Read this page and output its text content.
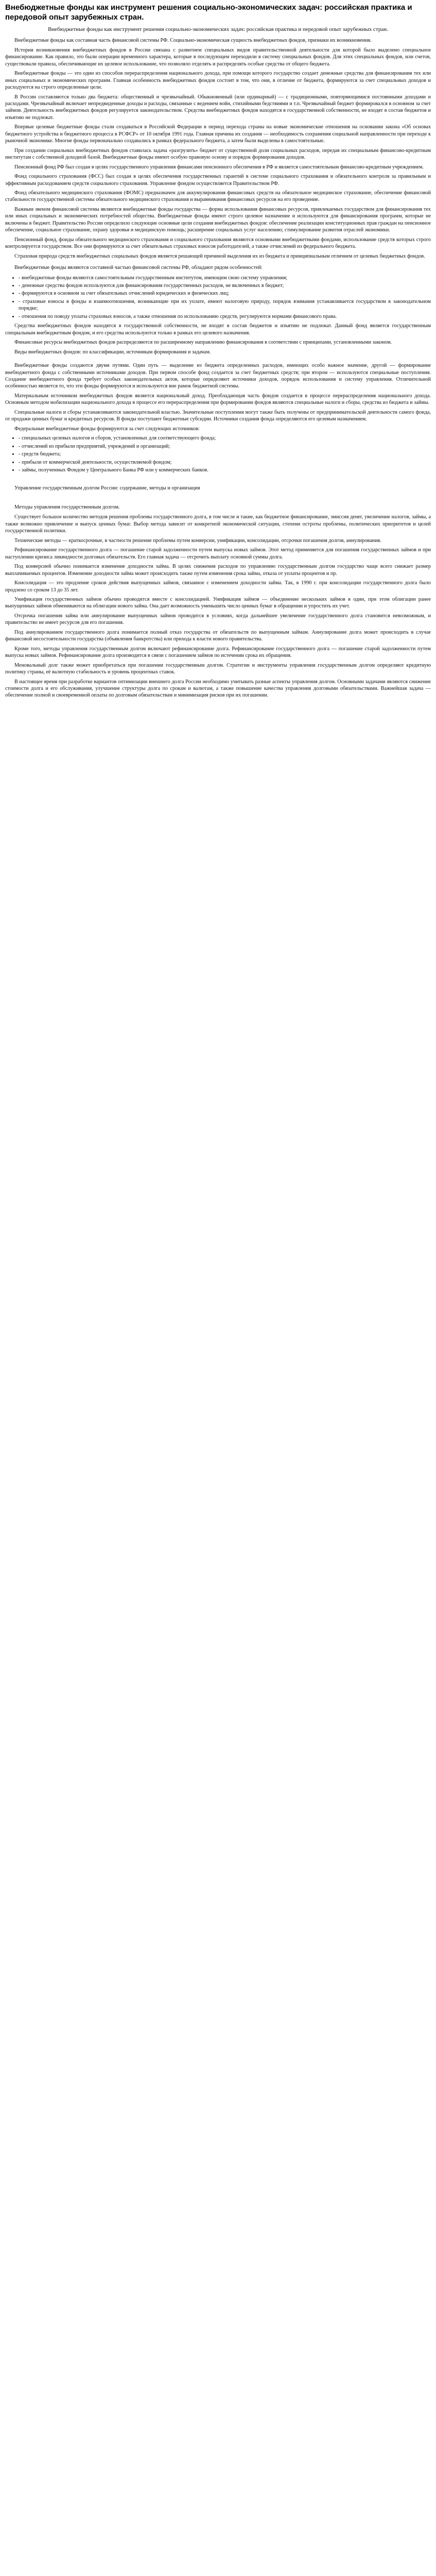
Внебюджетные фонды как инструмент решения социально-экономических задач: российская практика и передовой опыт зарубежных стран.
Внебюджетные фонды как инструмент решения социально-экономических задач: российская практика и передовой опыт зарубежных стран.

Внебюджетные фонды как составная часть финансовой системы РФ. Социально-экономическая сущность внебюджетных фондов, признаки их возникновения.

История возникновения внебюджетных фондов в России связана с развитием специальных видов правительственной деятельности для которой было выделено специальное финансирование. Как правило, это были операции временного характера, которые в последующем переходили в систему специальных фондов. Для этих специальных фондов, или счетов, существовали правила, обеспечивающие их целевое использование, что позволяло отделять и распределять особые средства от общего бюджета.

Внебюджетные фонды — это один из способов перераспределения национального дохода, при помощи которого государство создает денежные средства для финансирования тех или иных социальных и экономических программ. Главная особенность внебюджетных фондов состоит в том, что они, в отличие от бюджета, формируются за счет специальных доходов и расходуются на строго определенные цели.

В России составляются только два бюджета: общественный и чрезвычайный. Обыкновенный (или ординарный) — с традиционными, повторяющимися постоянными доходами и расходами. Чрезвычайный включает непредвиденные доходы и расходы, связанные с ведением войн, стихийными бедствиями и т.п. Чрезвычайный бюджет формировался в основном за счет займов. Деятельность внебюджетных фондов регулируется законодательством. Средства внебюджетных фондов находятся в государственной собственности, не входят в состав бюджетов и изъятию не подлежат.

Впервые целевые бюджетные фонды стали создаваться в Российской Федерации в период перехода страны на новые экономические отношения на основании закона «Об основах бюджетного устройства и бюджетного процесса в РСФСР» от 10 октября 1991 года. Главная причина их создания — необходимость сохранения социальной направленности при переходе к рыночной экономике. Многие фонды первоначально создавались в рамках федерального бюджета, а затем были выделены в самостоятельные.

При создании социальных внебюджетных фондов ставилась задача «разгрузить» бюджет от существенной доли социальных расходов, передав их специальным финансово-кредитным институтам с собственной доходной базой. Внебюджетные фонды имеют особую правовую основу и порядок формирования доходов.

Пенсионный фонд РФ был создан в целях государственного управления финансами пенсионного обеспечения в РФ и является самостоятельным финансово-кредитным учреждением.

Фонд социального страхования (ФСС) был создан в целях обеспечения государственных гарантий в системе социального страхования и обязательного контроля за правильным и эффективным расходованием средств социального страхования. Управление фондом осуществляется Правительством РФ.

Фонд обязательного медицинского страхования (ФОМС) предназначен для аккумулирования финансовых средств на обязательное медицинское страхование, обеспечение финансовой стабильности государственной системы обязательного медицинского страхования и выравнивания финансовых ресурсов на его проведение.

Важным звеном финансовой системы являются внебюджетные фонды государства — форма использования финансовых ресурсов, привлекаемых государством для финансирования тех или иных социальных и экономических потребностей общества. Внебюджетные фонды имеют строго целевое назначение и используются для финансирования программ, которые не включены в бюджет. Правительство России определило следующие основные цели создания внебюджетных фондов: обеспечение реализации конституционных прав граждан на пенсионное обеспечение, социальное страхование, охрану здоровья и медицинскую помощь; расширение социальных услуг населению; стимулирование развития отраслей экономики.

Пенсионный фонд, фонды обязательного медицинского страхования и социального страхования являются основными внебюджетными фондами, использование средств которых строго контролируется государством. Все они формируются за счет обязательных страховых взносов работодателей, а также отчислений из федерального бюджета.

Страховая природа средств внебюджетных социальных фондов является решающей причиной выделения их из бюджета и принципиальным отличием от целевых бюджетных фондов.

Внебюджетные фонды являются составной частью финансовой системы РФ, обладают рядом особенностей:

• - внебюджетные фонды являются самостоятельным государственным институтом, имеющим свою систему управления;
• - денежные средства фондов используются для финансирования государственных расходов, не включенных в бюджет;
• - формируются в основном за счет обязательных отчислений юридических и физических лиц;
• - страховые взносы в фонды и взаимоотношения, возникающие при их уплате, имеют налоговую природу, порядок взимания устанавливается государством в законодательном порядке;
• - отношения по поводу уплаты страховых взносов, а также отношения по использованию средств, регулируются нормами финансового права.

Средства внебюджетных фондов находятся в государственной собственности, не входят в состав бюджетов и изъятию не подлежат. Данный фонд является государственным специальным внебюджетным фондом, и его средства используются только в рамках его целевого назначения.

Финансовые ресурсы внебюджетных фондов распределяются по расширенному направлению финансирования в соответствии с принципами, установленными законом.

Виды внебюджетных фондов: по классификации, источникам формирования и задачам.

Внебюджетные фонды создаются двумя путями. Один путь — выделение из бюджета определенных расходов, имеющих особо важное значение, другой — формирование внебюджетного фонда с собственными источниками доходов. При первом способе фонд создается за счет бюджетных средств; при втором — используются специальные поступления. Создание внебюджетного фонда требует особых законодательных актов, которые определяют источники доходов, порядок использования и систему управления. Отличительной особенностью является то, что эти фонды формируются и используются вне рамок бюджетной системы.

Материальным источником внебюджетных фондов является национальный доход. Преобладающая часть фондов создается в процессе перераспределения национального дохода. Основным методом мобилизации национального дохода в процессе его перераспределения при формировании фондов являются специальные налоги и сборы, средства из бюджета и займы.

Специальные налоги и сборы устанавливаются законодательной властью. Значительные поступления могут также быть получены от предпринимательской деятельности самого фонда, от продажи ценных бумаг и кредитных ресурсов. В фонды поступают бюджетные субсидии. Источники создания фонда определяются его целевым назначением.

Федеральные внебюджетные фонды формируются за счет следующих источников:

• - специальных целевых налогов и сборов, установленных для соответствующего фонда;
• - отчислений из прибыли предприятий, учреждений и организаций;
• - средств бюджета;
• - прибыли от коммерческой деятельности, осуществляемой фондом;
• - займы, полученных Фондом у Центрального Банка РФ или у коммерческих банков.

Управление государственным долгом России: содержание, методы и организация

Методы управления государственным долгом.

Существует большое количество методов решения проблемы государственного долга, в том числе и такие, как бюджетное финансирование, эмиссия денег, увеличение налогов, займы, а также возможно привлечение и выпуск ценных бумаг. Выбор метода зависит от конкретной экономической ситуации, степени остроты проблемы, политических приоритетов и целей государственной политики.

Технические методы — краткосрочные, в частности решение проблемы путем конверсии, унификации, консолидации, отсрочки погашения долгов, аннулирования.

Рефинансирование государственного долга — погашение старой задолженности путем выпуска новых займов. Этот метод применяется для погашения государственных займов и при наступлении кризиса ликвидности долговых обязательств. Его главная задача — отсрочить выплату основной суммы долга.

Под конверсией обычно понимается изменение доходности займа. В целях снижения расходов по управлению государственным долгом государство чаще всего снижает размер выплачиваемых процентов. Изменение доходности займа может происходить также путем изменения срока займа, отказа от уплаты процентов и пр.

Консолидация — это продление сроков действия выпущенных займов, связанное с изменением доходности займа. Так, в 1990 г. при консолидации государственного долга было продлено со сроком 13 до 35 лет.

Унификация государственных займов обычно проводится вместе с консолидацией. Унификация займов — объединение нескольких займов в один, при этом облигации ранее выпущенных займов обмениваются на облигации нового займа. Она дает возможность уменьшить число ценных бумаг в обращении и упростить их учет.

Отсрочка погашения займа или аннулирование выпущенных займов проводится в условиях, когда дальнейшее увеличение государственного долга становится невозможным, и правительство не имеет ресурсов для его погашения.

Под аннулированием государственного долга понимается полный отказ государства от обязательств по выпущенным займам. Аннулирование долга может происходить в случае финансовой несостоятельности государства (объявления банкротства) или прихода к власти нового правительства.

Кроме того, методы управления государственным долгом включают рефинансирование долга. Рефинансирование государственного долга — погашение старой задолженности путем выпуска новых займов. Рефинансирование долга производится в связи с погашением займов по истечении срока их обращения.

Меновальный долг также может приобретаться при погашении государственным долгом. Стратегии и инструменты управления государственным долгом определяют кредитную политику страны, её валютную стабильность и уровень процентных ставок.

В настоящее время при разработке вариантов оптимизации внешнего долга России необходимо учитывать разные аспекты управления долгом. Основными задачами являются снижение стоимости долга и его обслуживания, улучшение структуры долга по срокам и валютам, а также повышение качества управления долговыми обязательствами. Важнейшая задача — обеспечение полной и своевременной оплаты по долговым обязательствам и минимизация рисков при их погашении.
